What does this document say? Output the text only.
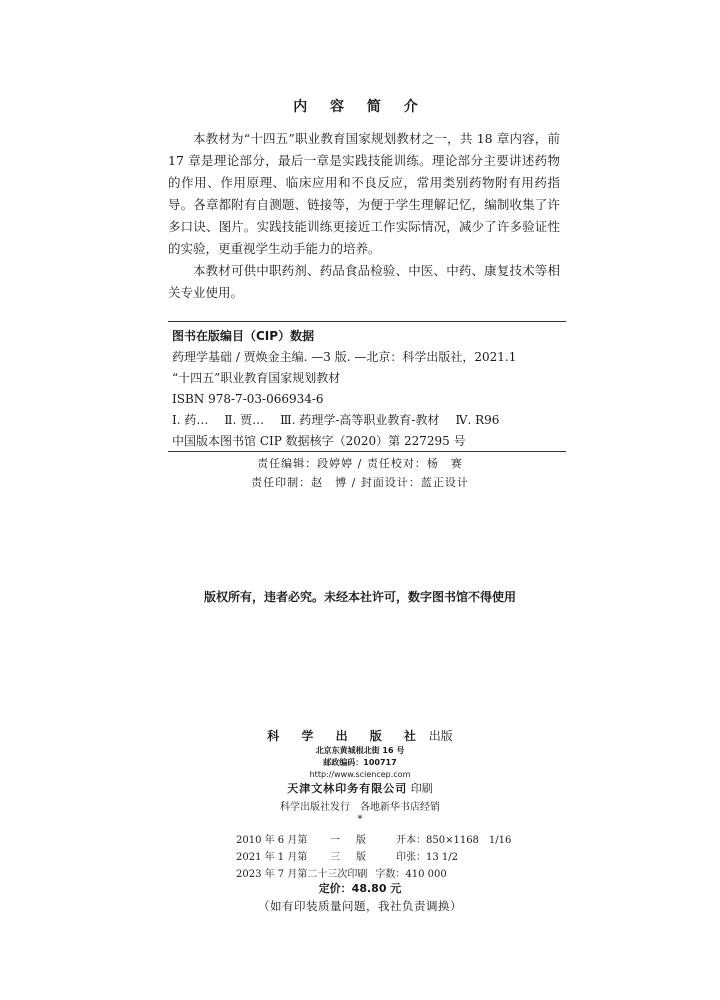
内 容 简 介

本教材为“十四五”职业教育国家规划教材之一，共 18 章内容，前 17 章是理论部分，最后一章是实践技能训练。理论部分主要讲述药物的作用、作用原理、临床应用和不良反应，常用类别药物附有用药指导。各章都附有自测题、链接等，为便于学生理解记忆，编制收集了许多口诀、图片。实践技能训练更接近工作实际情况，减少了许多验证性的实验，更重视学生动手能力的培养。

本教材可供中职药剂、药品食品检验、中医、中药、康复技术等相关专业使用。

图书在版编目（CIP）数据
药理学基础 / 贾焕金主编. —3 版. —北京：科学出版社，2021.1
“十四五”职业教育国家规划教材
ISBN 978-7-03-066934-6
Ⅰ. 药… Ⅱ. 贾… Ⅲ. 药理学-高等职业教育-教材 Ⅳ. R96
中国版本图书馆 CIP 数据核字（2020）第 227295 号
责任编辑：段婷婷 / 责任校对：杨　赛
责任印制：赵　博 / 封面设计：蓝正设计
版权所有，违者必究。未经本社许可，数字图书馆不得使用
科 学 出 版 社 出版
北京东黄城根北街 16 号
邮政编码：100717
http://www.sciencep.com
天津文林印务有限公司 印刷
科学出版社发行　各地新华书店经销
*
2010 年 6 月第 一 版	开本：850×1168　1/16
2021 年 1 月第 三 版	印张：13 1/2
2023 年 7 月第二十三次印刷 字数：410 000
定价：48.80 元
（如有印装质量问题，我社负责调换）
